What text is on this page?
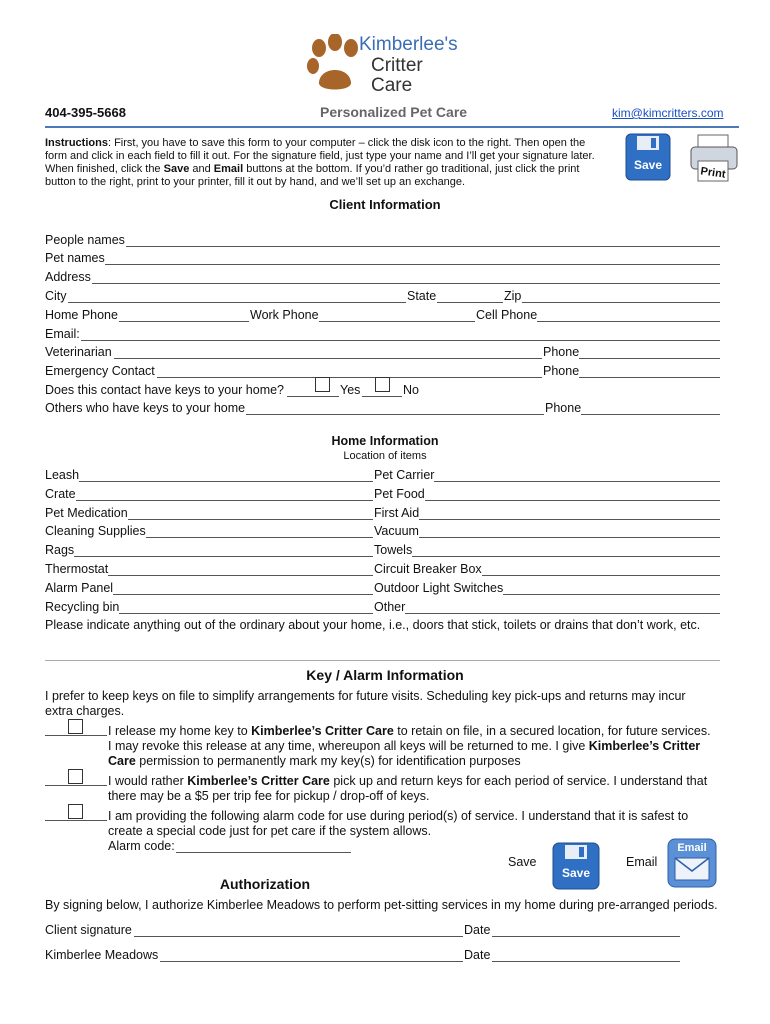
Kimberlee's
Critter
Care
404-395-5668	Personalized Pet Care	kim@kimcritters.com
Instructions: First, you have to save this form to your computer – click the disk icon to the right. Then open the
form and click in each field to fill it out. For the signature field, just type your name and I’ll get your signature later.
When finished, click the Save and Email buttons at the bottom. If you’d rather go traditional, just click the print
button to the right, print to your printer, fill it out by hand, and we’ll set up an exchange.
Save
Print
Client Information
People names
Pet names
Address
City	State	Zip
Home Phone	Work Phone	Cell Phone
Email:
Veterinarian	Phone
Emergency Contact	Phone
Does this contact have keys to your home?	Yes	No
Others who have keys to your home	Phone
Home Information
Location of items
Leash	Pet Carrier
Crate	Pet Food
Pet Medication	First Aid
Cleaning Supplies	Vacuum
Rags	Towels
Thermostat	Circuit Breaker Box
Alarm Panel	Outdoor Light Switches
Recycling bin	Other
Please indicate anything out of the ordinary about your home, i.e., doors that stick, toilets or drains that don’t work, etc.
Key / Alarm Information
I prefer to keep keys on file to simplify arrangements for future visits. Scheduling key pick-ups and returns may incur
extra charges.
I release my home key to Kimberlee’s Critter Care to retain on file, in a secured location, for future services.
I may revoke this release at any time, whereupon all keys will be returned to me. I give Kimberlee’s Critter
Care permission to permanently mark my key(s) for identification purposes
I would rather Kimberlee’s Critter Care pick up and return keys for each period of service. I understand that
there may be a $5 per trip fee for pickup / drop-off of keys.
I am providing the following alarm code for use during period(s) of service. I understand that it is safest to
create a special code just for pet care if the system allows.
Alarm code:
Save
Save
Email
Email
Authorization
By signing below, I authorize Kimberlee Meadows to perform pet-sitting services in my home during pre-arranged periods.
Client signature	Date
Kimberlee Meadows	Date
